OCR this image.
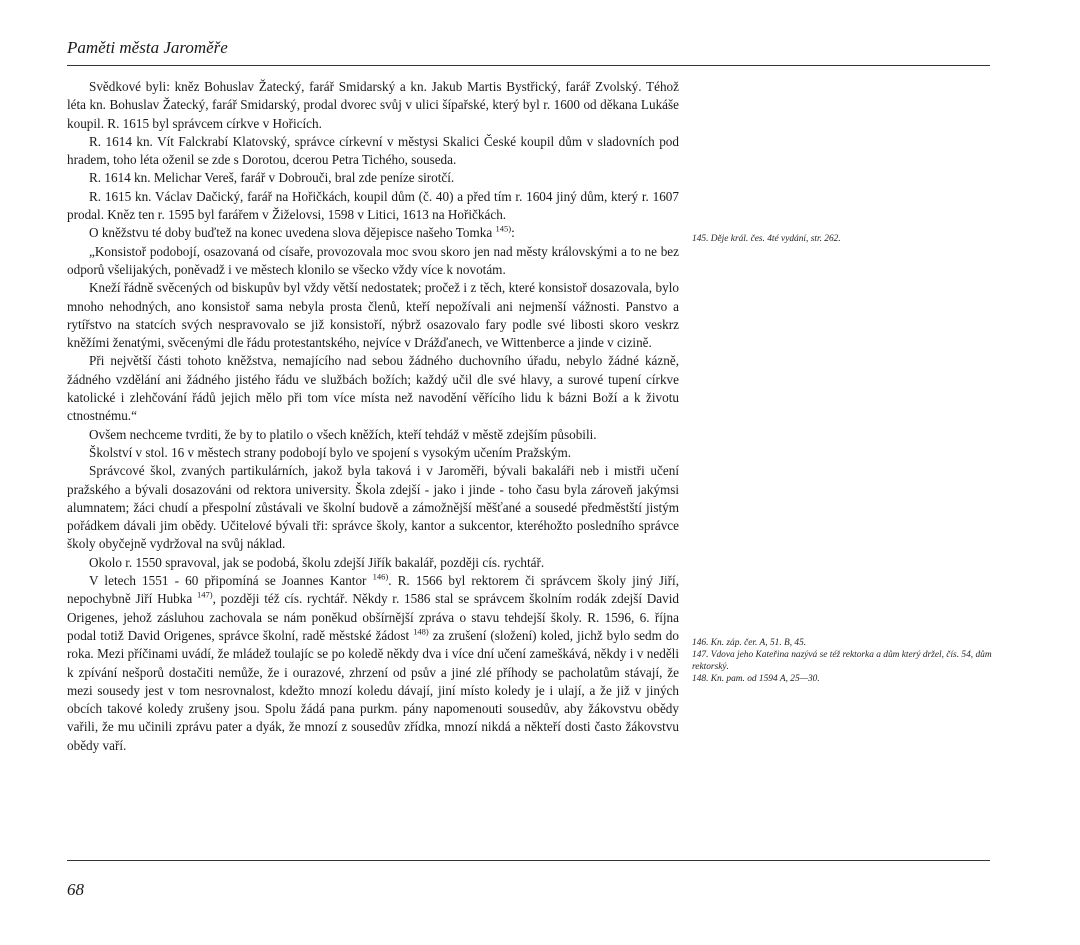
Paměti města Jaroměře

Svědkové byli: kněz Bohuslav Žatecký, farář Smidarský a kn. Jakub Martis Bystřický, farář Zvolský. Téhož léta kn. Bohuslav Žatecký, farář Smidarský, prodal dvorec svůj v ulici šípařské, který byl r. 1600 od děkana Lukáše koupil. R. 1615 byl správcem církve v Hořicích.

R. 1614 kn. Vít Falckrabí Klatovský, správce církevní v městysi Skalici České koupil dům v sladovních pod hradem, toho léta oženil se zde s Dorotou, dcerou Petra Tichého, souseda.

R. 1614 kn. Melichar Vereš, farář v Dobrouči, bral zde peníze sirotčí.

R. 1615 kn. Václav Dačický, farář na Hořičkách, koupil dům (č. 40) a před tím r. 1604 jiný dům, který r. 1607 prodal. Kněz ten r. 1595 byl farářem v Žiželovsi, 1598 v Litici, 1613 na Hořičkách.

O kněžstvu té doby buďtež na konec uvedena slova dějepisce našeho Tomka $^{145)}$:

„Konsistoř podobojí, osazovaná od císaře, provozovala moc svou skoro jen nad městy královskými a to ne bez odporů všelijakých, poněvadž i ve městech klonilo se všecko vždy více k novotám.

Kneží řádně svěcených od biskupův byl vždy větší nedostatek; pročež i z těch, které konsistoř dosazovala, bylo mnoho nehodných, ano konsistoř sama nebyla prosta členů, kteří nepožívali ani nejmenší vážnosti. Panstvo a rytířstvo na statcích svých nespravovalo se již konsistoří, nýbrž osazovalo fary podle své libosti skoro veskrz kněžími ženatými, svěcenými dle řádu protestantského, nejvíce v Drážďanech, ve Wittenberce a jinde v cizině.

Při největší části tohoto kněžstva, nemajícího nad sebou žádného duchovního úřadu, nebylo žádné kázně, žádného vzdělání ani žádného jistého řádu ve službách božích; každý učil dle své hlavy, a surové tupení církve katolické i zlehčování řádů jejich mělo při tom více místa než navodění věřícího lidu k bázni Boží a k životu ctnostnému.“

Ovšem nechceme tvrditi, že by to platilo o všech kněžích, kteří tehdáž v městě zdejším působili.

Školství v stol. 16 v městech strany podobojí bylo ve spojení s vysokým učením Pražským.

Správcové škol, zvaných partikulárních, jakož byla taková i v Jaroměři, bývali bakaláři neb i mistři učení pražského a bývali dosazováni od rektora university. Škola zdejší - jako i jinde - toho času byla zároveň jakýmsi alumnatem; žáci chudí a přespolní zůstávali ve školní budově a zámožnější měšťané a sousedé předměstští jistým pořádkem dávali jim obědy. Učitelové bývali tři: správce školy, kantor a sukcentor, kteréhožto posledního správce školy obyčejně vydržoval na svůj náklad.

Okolo r. 1550 spravoval, jak se podobá, školu zdejší Jiřík bakalář, později cís. rychtář.

V letech 1551 - 60 připomíná se Joannes Kantor $^{146)}$. R. 1566 byl rektorem či správcem školy jiný Jiří, nepochybně Jiří Hubka $^{147)}$, později též cís. rychtář. Někdy r. 1586 stal se správcem školním rodák zdejší David Origenes, jehož zásluhou zachovala se nám poněkud obšírnější zpráva o stavu tehdejší školy. R. 1596, 6. října podal totiž David Origenes, správce školní, radě městské žádost $^{148)}$ za zrušení (složení) koled, jichž bylo sedm do roka. Mezi příčinami uvádí, že mládež toulajíc se po koledě někdy dva i více dní učení zameškává, někdy i v neděli k zpívání nešporů dostačiti nemůže, že i ourazové, zhrzení od psův a jiné zlé příhody se pacholatům stávají, že mezi sousedy jest v tom nesrovnalost, kdežto mnozí koledu dávají, jiní místo koledy je i ulají, a že již v jiných obcích takové koledy zrušeny jsou. Spolu žádá pana purkm. pány napomenouti sousedův, aby žákovstvu obědy vařili, že mu učinili zprávu pater a dyák, že mnozí z sousedův zřídka, mnozí nikdá a někteří dosti často žákovstvu obědy vaří.

145. Děje král. čes. 4té vydání, str. 262.

146. Kn. záp. čer. A, 51. B, 45.

147. Vdova jeho Kateřina nazývá se též rektorka a dům který držel, čís. 54, dům rektorský.

148. Kn. pam. od 1594 A, 25—30.

68
